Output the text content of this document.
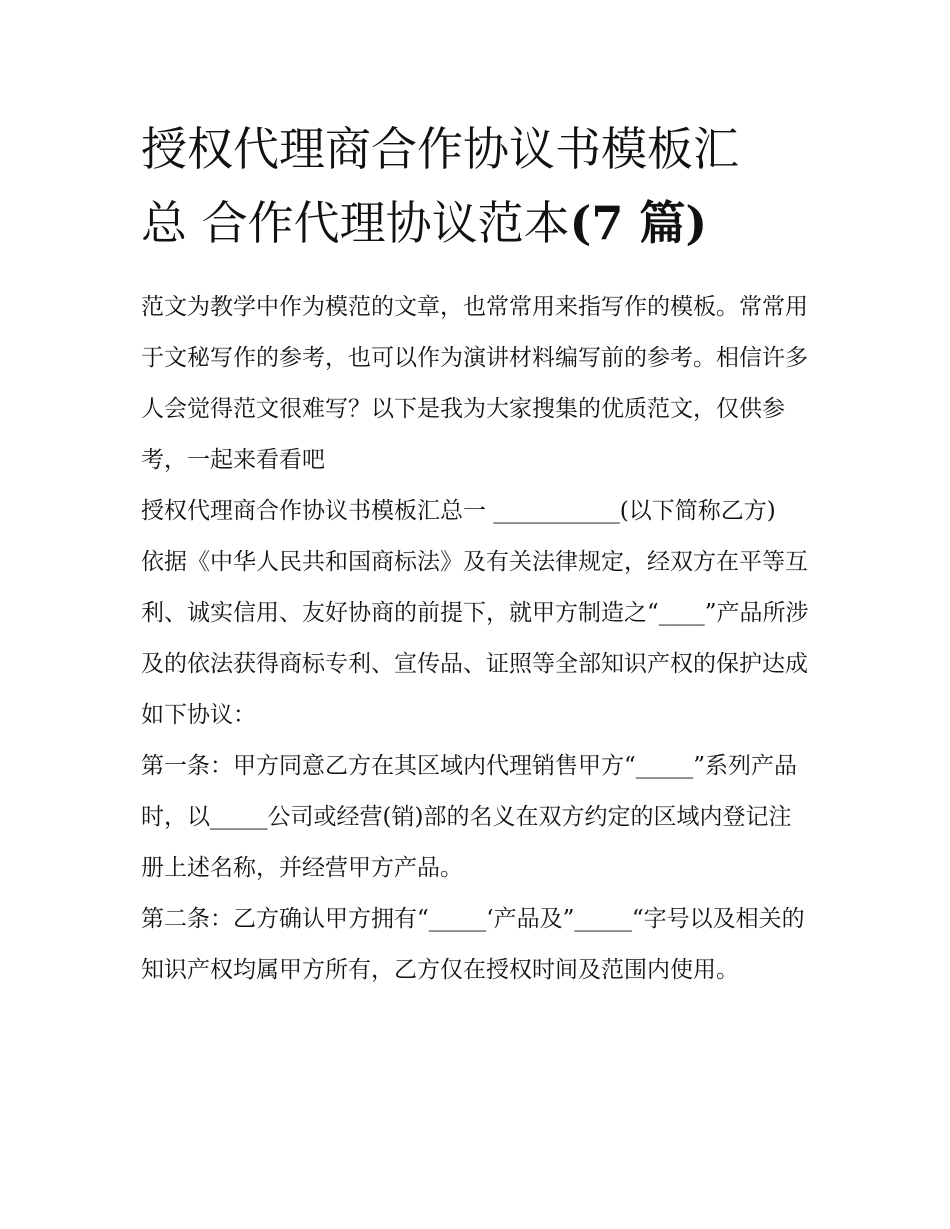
授权代理商合作协议书模板汇
总 合作代理协议范本(7 篇)

范文为教学中作为模范的文章，也常常用来指写作的模板。常常用于文秘写作的参考，也可以作为演讲材料编写前的参考。相信许多人会觉得范文很难写？以下是我为大家搜集的优质范文，仅供参考，一起来看看吧

授权代理商合作协议书模板汇总一 ___________(以下简称乙方)

依据《中华人民共和国商标法》及有关法律规定，经双方在平等互利、诚实信用、友好协商的前提下，就甲方制造之“____”产品所涉及的依法获得商标专利、宣传品、证照等全部知识产权的保护达成如下协议：

第一条：甲方同意乙方在其区域内代理销售甲方“_____”系列产品时，以_____公司或经营(销)部的名义在双方约定的区域内登记注册上述名称，并经营甲方产品。

第二条：乙方确认甲方拥有“_____‘产品及”_____“字号以及相关的知识产权均属甲方所有，乙方仅在授权时间及范围内使用。
